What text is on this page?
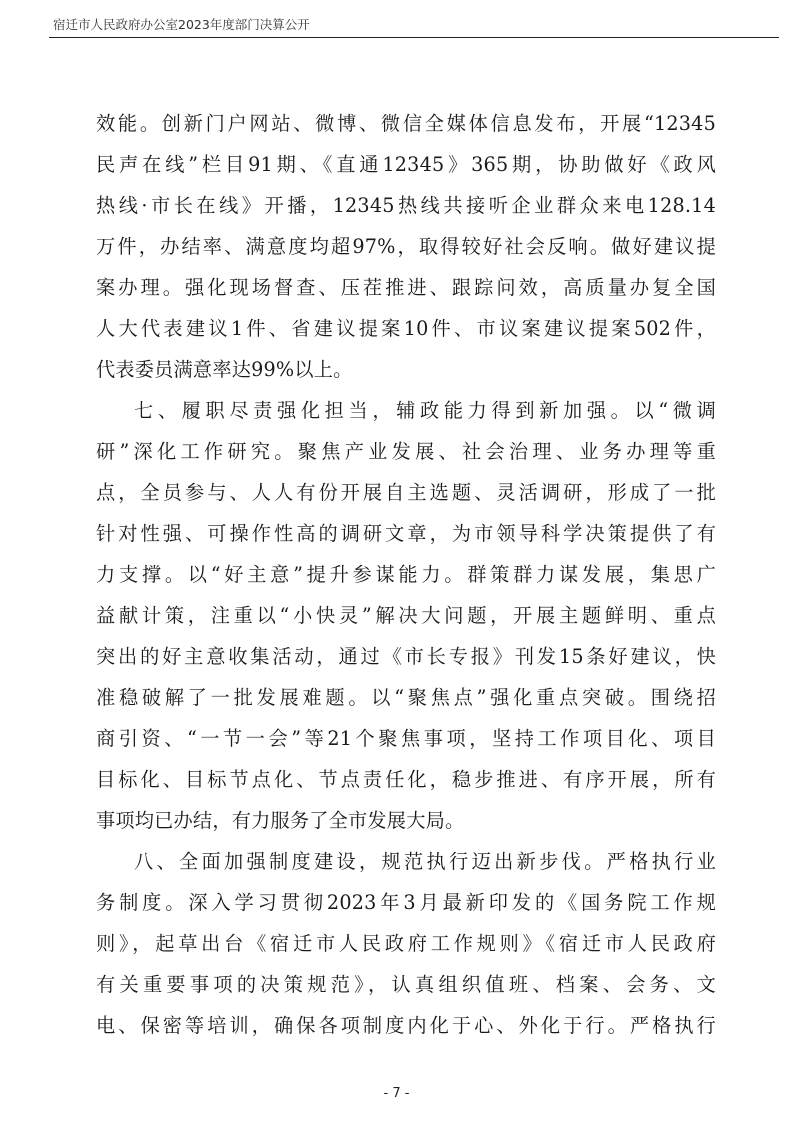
宿迁市人民政府办公室2023年度部门决算公开
效能。创新门户网站、微博、微信全媒体信息发布，开展“12345
民声在线”栏目91期、《直通12345》365期，协助做好《政风
热线·市长在线》开播，12345热线共接听企业群众来电128.14
万件，办结率、满意度均超97%，取得较好社会反响。做好建议提
案办理。强化现场督查、压茬推进、跟踪问效，高质量办复全国
人大代表建议1件、省建议提案10件、市议案建议提案502件，
代表委员满意率达99%以上。
七、履职尽责强化担当，辅政能力得到新加强。以“微调
研”深化工作研究。聚焦产业发展、社会治理、业务办理等重
点，全员参与、人人有份开展自主选题、灵活调研，形成了一批
针对性强、可操作性高的调研文章，为市领导科学决策提供了有
力支撑。以“好主意”提升参谋能力。群策群力谋发展，集思广
益献计策，注重以“小快灵”解决大问题，开展主题鲜明、重点
突出的好主意收集活动，通过《市长专报》刊发15条好建议，快
准稳破解了一批发展难题。以“聚焦点”强化重点突破。围绕招
商引资、“一节一会”等21个聚焦事项，坚持工作项目化、项目
目标化、目标节点化、节点责任化，稳步推进、有序开展，所有
事项均已办结，有力服务了全市发展大局。
八、全面加强制度建设，规范执行迈出新步伐。严格执行业
务制度。深入学习贯彻2023年3月最新印发的《国务院工作规
则》，起草出台《宿迁市人民政府工作规则》《宿迁市人民政府
有关重要事项的决策规范》，认真组织值班、档案、会务、文
电、保密等培训，确保各项制度内化于心、外化于行。严格执行
- 7 -
